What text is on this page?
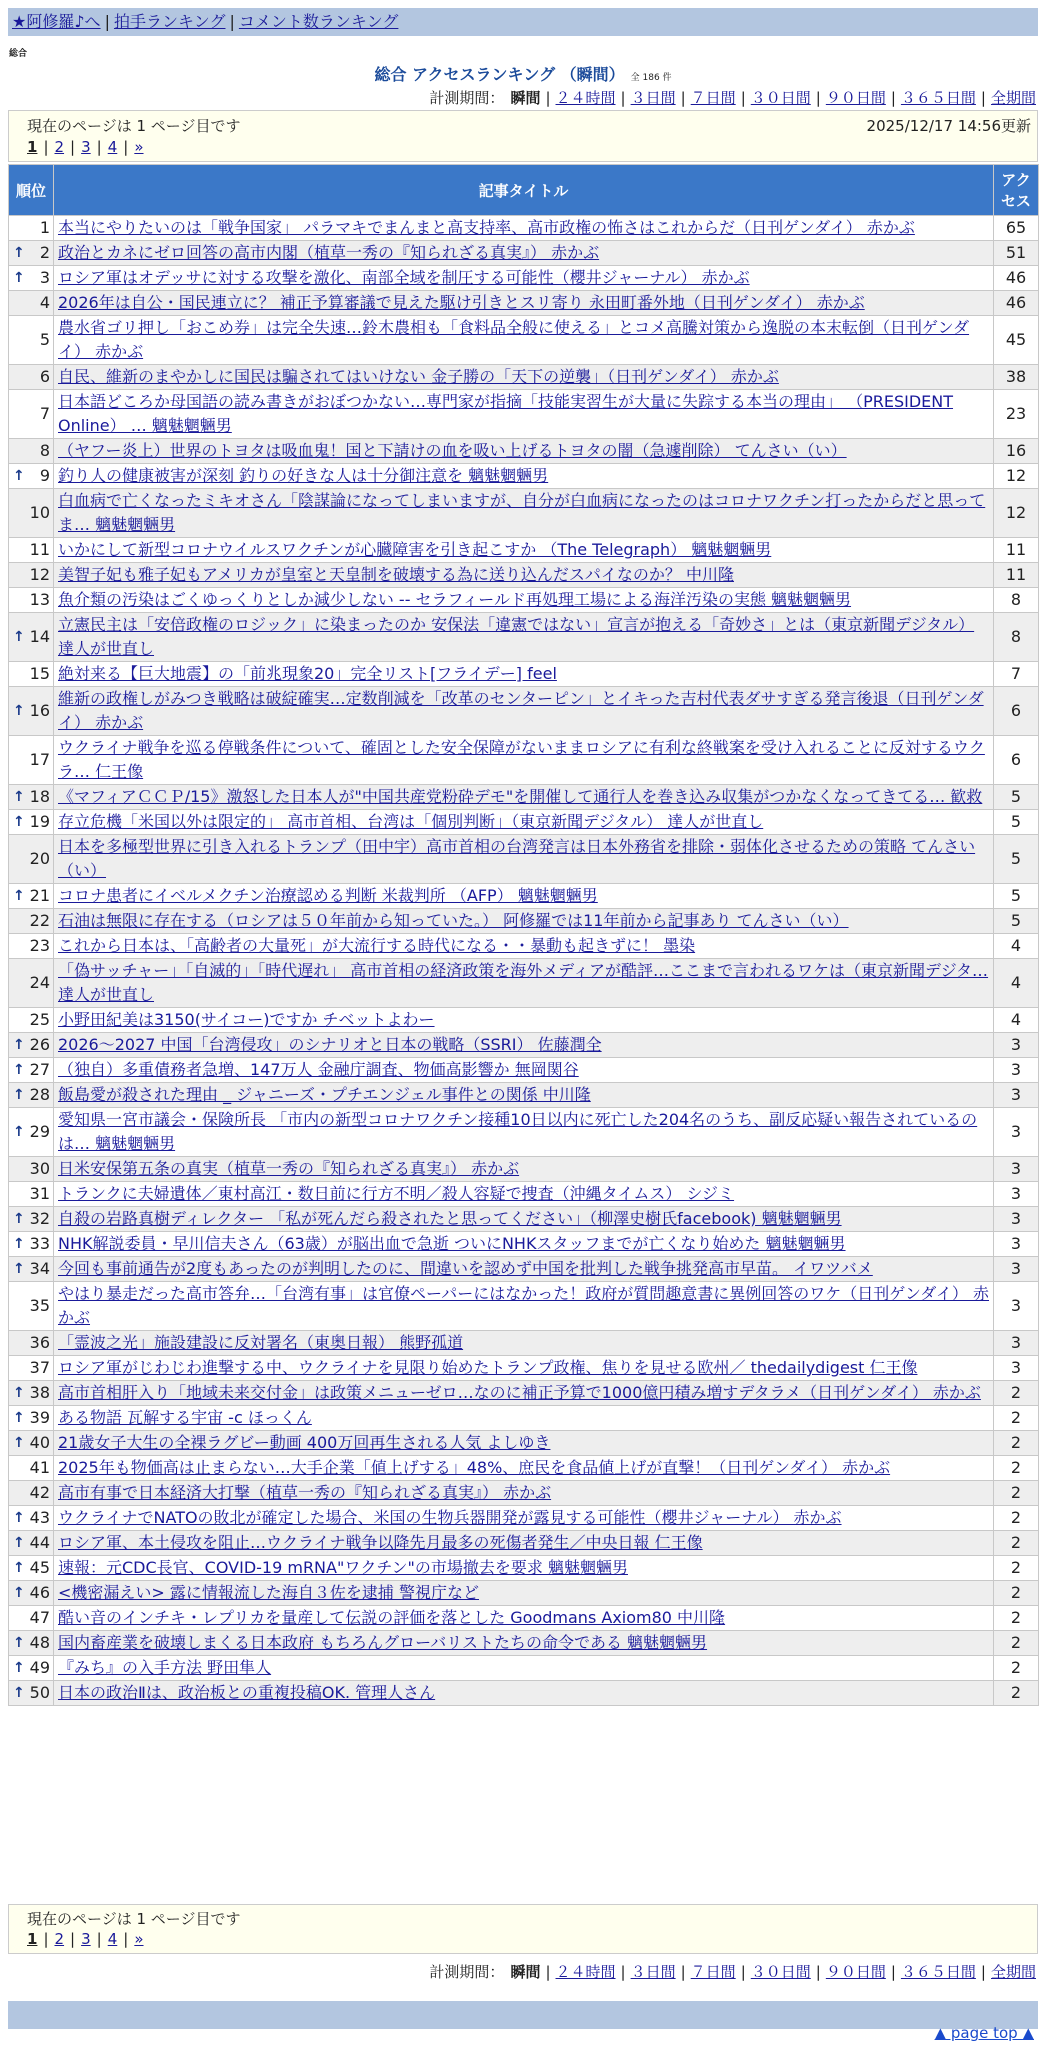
★阿修羅♪へ | 拍手ランキング | コメント数ランキング
総合
総合 アクセスランキング （瞬間） 全 186 件
計測期間： 瞬間 | ２４時間 | ３日間 | ７日間 | ３０日間 | ９０日間 | ３６５日間 | 全期間
現在のページは 1 ページ目です	2025/12/17 14:56更新
1 | 2 | 3 | 4 | »
順位	記事タイトル	アクセス
1	本当にやりたいのは「戦争国家」 パラマキでまんまと高支持率、高市政権の怖さはこれからだ（日刊ゲンダイ） 赤かぶ	65

↑ 2	政治とカネにゼロ回答の高市内閣（植草一秀の『知られざる真実』） 赤かぶ	51

↑ 3	ロシア軍はオデッサに対する攻撃を激化、南部全域を制圧する可能性（櫻井ジャーナル） 赤かぶ	46
4	2026年は自公・国民連立に？ 補正予算審議で見えた駆け引きとスリ寄り 永田町番外地（日刊ゲンダイ） 赤かぶ	46
5	農水省ゴリ押し「おこめ券」は完全失速…鈴木農相も「食料品全般に使える」とコメ高騰対策から逸脱の本末転倒（日刊ゲンダイ） 赤かぶ	45
6	自民、維新のまやかしに国民は騙されてはいけない 金子勝の「天下の逆襲」（日刊ゲンダイ） 赤かぶ	38
7	日本語どころか母国語の読み書きがおぼつかない…専門家が指摘「技能実習生が大量に失踪する本当の理由」 （PRESIDENT Online） … 魑魅魍魎男	23
8	（ヤフー炎上）世界のトヨタは吸血鬼！国と下請けの血を吸い上げるトヨタの闇（急遽削除） てんさい（い）	16

↑ 9	釣り人の健康被害が深刻 釣りの好きな人は十分御注意を 魑魅魍魎男	12
10	白血病で亡くなったミキオさん「陰謀論になってしまいますが、自分が白血病になったのはコロナワクチン打ったからだと思ってま… 魑魅魍魎男	12
11	いかにして新型コロナウイルスワクチンが心臓障害を引き起こすか （The Telegraph） 魑魅魍魎男	11
12	美智子妃も雅子妃もアメリカが皇室と天皇制を破壊する為に送り込んだスパイなのか？ 中川隆	11
13	魚介類の汚染はごくゆっくりとしか減少しない -- セラフィールド再処理工場による海洋汚染の実態 魑魅魍魎男	8

↑ 14	立憲民主は「安倍政権のロジック」に染まったのか 安保法「違憲ではない」宣言が抱える「奇妙さ」とは（東京新聞デジタル） 達人が世直し	8
15	絶対来る【巨大地震】の「前兆現象20」完全リスト[フライデー] feel	7

↑ 16	維新の政権しがみつき戦略は破綻確実…定数削減を「改革のセンターピン」とイキった吉村代表ダサすぎる発言後退（日刊ゲンダイ） 赤かぶ	6
17	ウクライナ戦争を巡る停戦条件について、確固とした安全保障がないままロシアに有利な終戦案を受け入れることに反対するウクラ… 仁王像	6

↑ 18	《マフィアＣＣＰ/15》激怒した日本人が"中国共産党粉砕デモ"を開催して通行人を巻き込み収集がつかなくなってきてる… 歓救	5

↑ 19	存立危機「米国以外は限定的」 高市首相、台湾は「個別判断」（東京新聞デジタル） 達人が世直し	5
20	日本を多極型世界に引き入れるトランプ（田中宇）高市首相の台湾発言は日本外務省を排除・弱体化させるための策略 てんさい（い）	5

↑ 21	コロナ患者にイベルメクチン治療認める判断 米裁判所 （AFP） 魑魅魍魎男	5
22	石油は無限に存在する（ロシアは５０年前から知っていた。） 阿修羅では11年前から記事あり てんさい（い）	5
23	これから日本は、「高齢者の大量死」が大流行する時代になる・・暴動も起きずに！ 墨染	4
24	「偽サッチャー」「自滅的」「時代遅れ」 高市首相の経済政策を海外メディアが酷評…ここまで言われるワケは（東京新聞デジタ… 達人が世直し	4
25	小野田紀美は3150(サイコー)ですか チベットよわー	4

↑ 26	2026～2027 中国「台湾侵攻」のシナリオと日本の戦略（SSRI） 佐藤潤全	3

↑ 27	（独自）多重債務者急増、147万人 金融庁調査、物価高影響か 無岡関谷	3

↑ 28	飯島愛が殺された理由 _ ジャニーズ・プチエンジェル事件との関係 中川隆	3

↑ 29	愛知県一宮市議会・保険所長 「市内の新型コロナワクチン接種10日以内に死亡した204名のうち、副反応疑い報告されているのは… 魑魅魍魎男	3
30	日米安保第五条の真実（植草一秀の『知られざる真実』） 赤かぶ	3
31	トランクに夫婦遺体／東村高江・数日前に行方不明／殺人容疑で捜査（沖縄タイムス） シジミ	3

↑ 32	自殺の岩路真樹ディレクター 「私が死んだら殺されたと思ってください」（柳澤史樹氏facebook) 魑魅魍魎男	3

↑ 33	NHK解説委員・早川信夫さん（63歳）が脳出血で急逝 ついにNHKスタッフまでが亡くなり始めた 魑魅魍魎男	3

↑ 34	今回も事前通告が2度もあったのが判明したのに、間違いを認めず中国を批判した戦争挑発高市早苗。 イワツバメ	3
35	やはり暴走だった高市答弁…「台湾有事」は官僚ペーパーにはなかった！政府が質問趣意書に異例回答のワケ（日刊ゲンダイ） 赤かぶ	3
36	「霊波之光」施設建設に反対署名（東奥日報） 熊野孤道	3
37	ロシア軍がじわじわ進撃する中、ウクライナを見限り始めたトランプ政権、焦りを見せる欧州／ thedailydigest 仁王像	3

↑ 38	高市首相肝入り「地域未来交付金」は政策メニューゼロ…なのに補正予算で1000億円積み増すデタラメ（日刊ゲンダイ） 赤かぶ	2

↑ 39	ある物語 瓦解する宇宙 -c ほっくん	2

↑ 40	21歳女子大生の全裸ラグビー動画 400万回再生される人気 よしゆき	2
41	2025年も物価高は止まらない…大手企業「値上げする」48%、庶民を食品値上げが直撃！（日刊ゲンダイ） 赤かぶ	2
42	高市有事で日本経済大打撃（植草一秀の『知られざる真実』） 赤かぶ	2

↑ 43	ウクライナでNATOの敗北が確定した場合、米国の生物兵器開発が露見する可能性（櫻井ジャーナル） 赤かぶ	2

↑ 44	ロシア軍、本土侵攻を阻止…ウクライナ戦争以降先月最多の死傷者発生／中央日報 仁王像	2

↑ 45	速報：元CDC長官、COVID-19 mRNA"ワクチン"の市場撤去を要求 魑魅魍魎男	2

↑ 46	<機密漏えい> 露に情報流した海自３佐を逮捕 警視庁など	2
47	酷い音のインチキ・レプリカを量産して伝説の評価を落とした Goodmans Axiom80 中川隆	2

↑ 48	国内畜産業を破壊しまくる日本政府 もちろんグローバリストたちの命令である 魑魅魍魎男	2

↑ 49	『みち』の入手方法 野田隼人	2

↑ 50	日本の政治Ⅱは、政治板との重複投稿OK. 管理人さん	2
現在のページは 1 ページ目です
1 | 2 | 3 | 4 | »
計測期間： 瞬間 | ２４時間 | ３日間 | ７日間 | ３０日間 | ９０日間 | ３６５日間 | 全期間
▲ page top ▲
